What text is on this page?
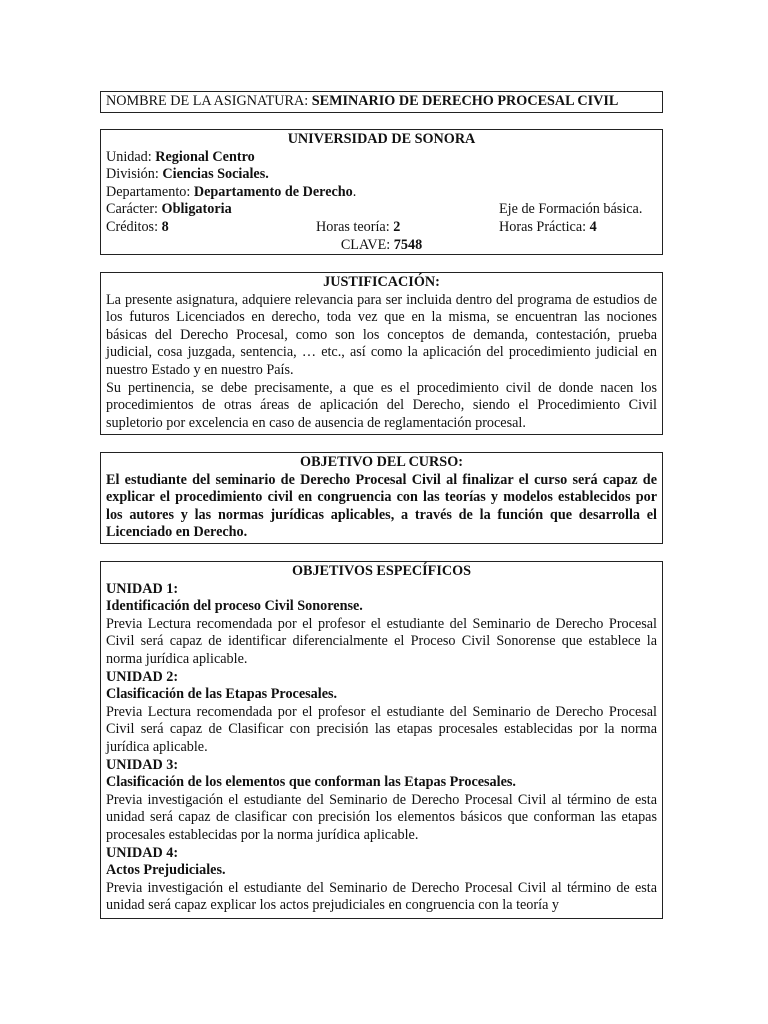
NOMBRE DE LA ASIGNATURA: SEMINARIO DE DERECHO PROCESAL CIVIL
UNIVERSIDAD DE SONORA
Unidad: Regional Centro
División: Ciencias Sociales.
Departamento: Departamento de Derecho.
Carácter: Obligatoria	Eje de Formación básica.
Créditos: 8	Horas teoría: 2	Horas Práctica: 4
CLAVE: 7548
JUSTIFICACIÓN:

La presente asignatura, adquiere relevancia para ser incluida dentro del programa de estudios de los futuros Licenciados en derecho, toda vez que en la misma, se encuentran las nociones básicas del Derecho Procesal, como son los conceptos de demanda, contestación, prueba judicial, cosa juzgada, sentencia, … etc., así como la aplicación del procedimiento judicial en nuestro Estado y en nuestro País.

Su pertinencia, se debe precisamente, a que es el procedimiento civil de donde nacen los procedimientos de otras áreas de aplicación del Derecho, siendo el Procedimiento Civil supletorio por excelencia en caso de ausencia de reglamentación procesal.

OBJETIVO DEL CURSO:

El estudiante del seminario de Derecho Procesal Civil al finalizar el curso será capaz de explicar el procedimiento civil en congruencia con las teorías y modelos establecidos por los autores y las normas jurídicas aplicables, a través de la función que desarrolla el Licenciado en Derecho.

OBJETIVOS ESPECÍFICOS
UNIDAD 1:
Identificación del proceso Civil Sonorense.

Previa Lectura recomendada por el profesor el estudiante del Seminario de Derecho Procesal Civil será capaz de identificar diferencialmente el Proceso Civil Sonorense que establece la norma jurídica aplicable.

UNIDAD 2:
Clasificación de las Etapas Procesales.

Previa Lectura recomendada por el profesor el estudiante del Seminario de Derecho Procesal Civil será capaz de Clasificar con precisión las etapas procesales establecidas por la norma jurídica aplicable.

UNIDAD 3:
Clasificación de los elementos que conforman las Etapas Procesales.

Previa investigación el estudiante del Seminario de Derecho Procesal Civil al término de esta unidad será capaz de clasificar con precisión los elementos básicos que conforman las etapas procesales establecidas por la norma jurídica aplicable.

UNIDAD 4:
Actos Prejudiciales.

Previa investigación el estudiante del Seminario de Derecho Procesal Civil al término de esta unidad será capaz explicar los actos prejudiciales en congruencia con la teoría y
